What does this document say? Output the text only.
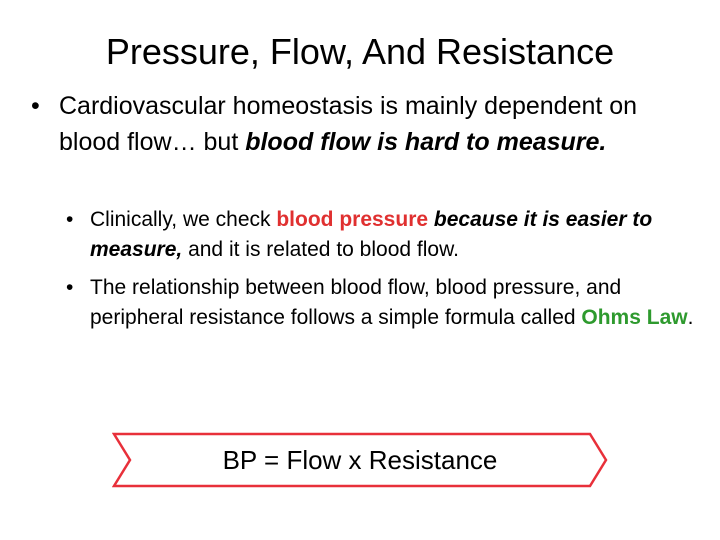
Pressure, Flow, And Resistance
• Cardiovascular homeostasis is mainly dependent on blood flow… but blood flow is hard to measure.
• Clinically, we check blood pressure because it is easier to measure, and it is related to blood flow.
• The relationship between blood flow, blood pressure, and peripheral resistance follows a simple formula called Ohms Law.
BP = Flow x Resistance
